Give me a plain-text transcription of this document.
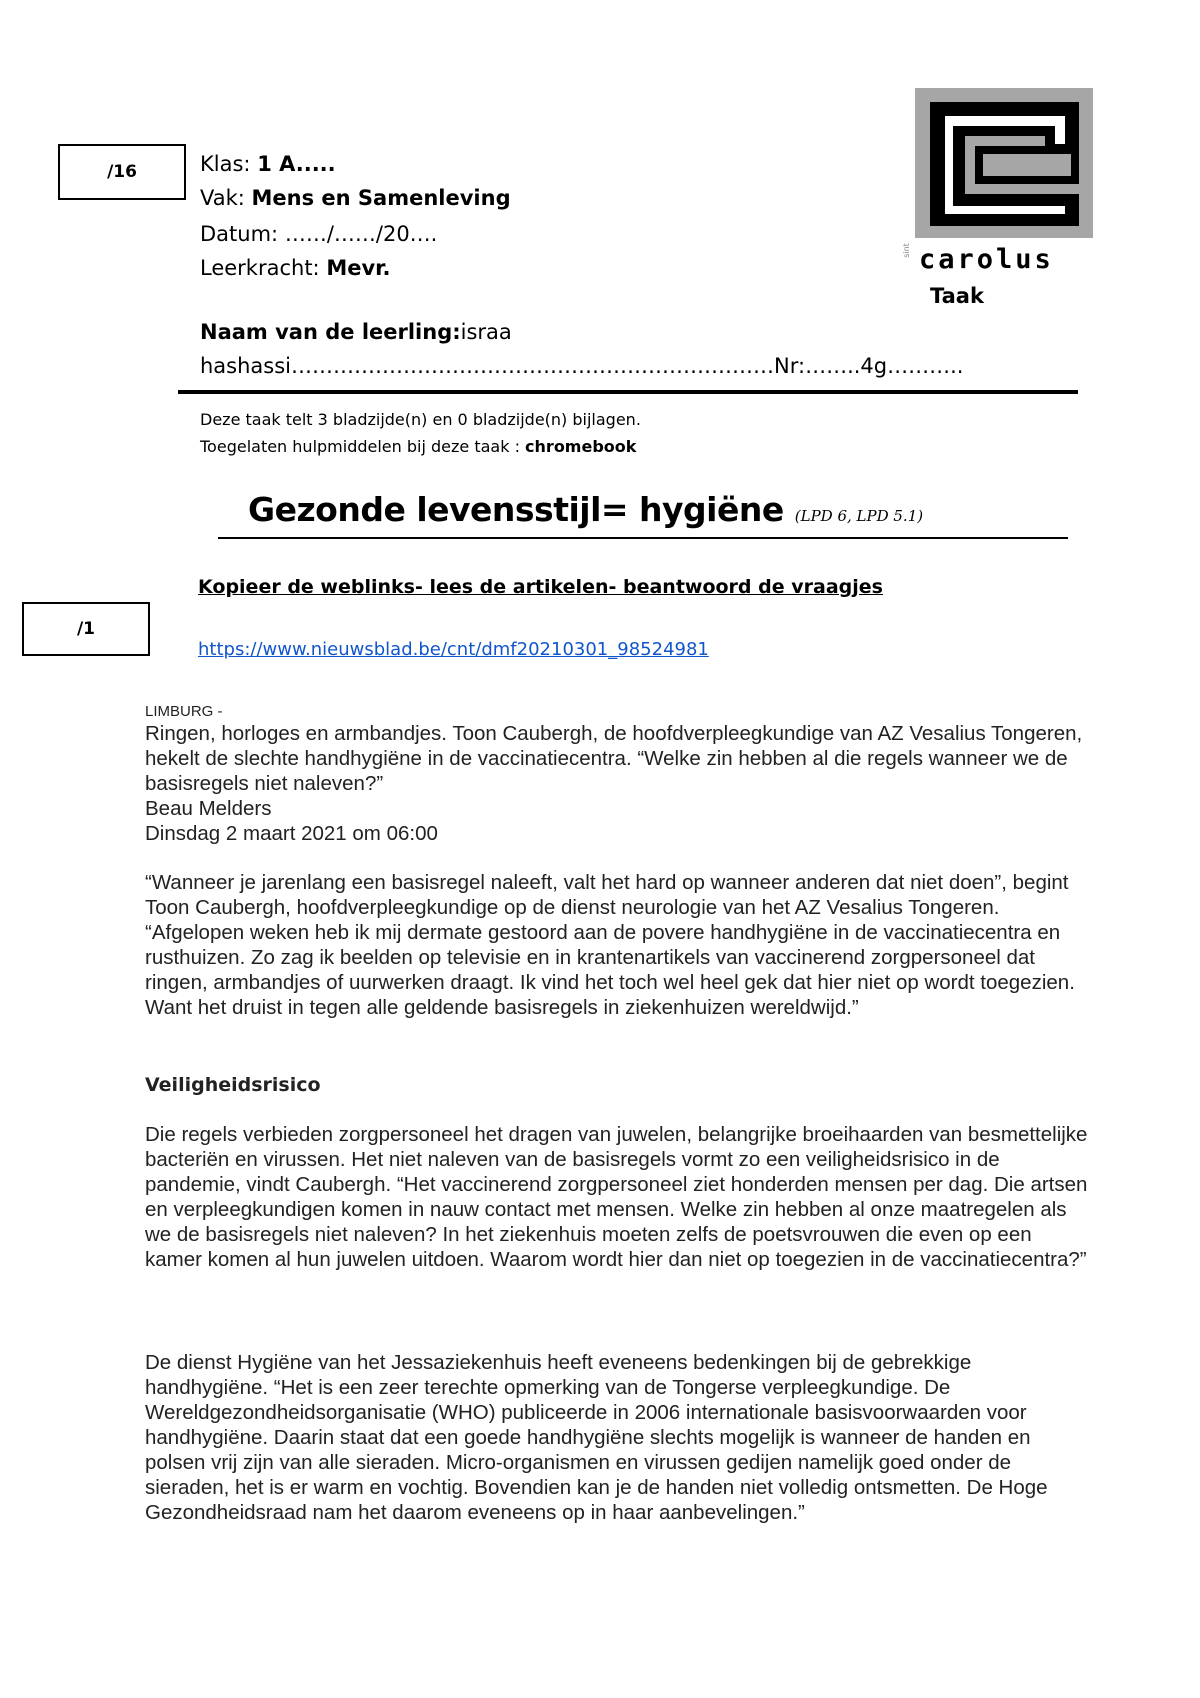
/16
/1
Klas: 1 A.....
Vak: Mens en Samenleving
Datum: ……/……/20….
Leerkracht: Mevr.
Naam van de leerling:israa
hashassi……………………………………………………………Nr:……..4g………..
sint carolus
Taak
Deze taak telt 3 bladzijde(n) en 0 bladzijde(n) bijlagen.
Toegelaten hulpmiddelen bij deze taak : chromebook
Gezonde levensstijl= hygiëne (LPD 6, LPD 5.1)
Kopieer de weblinks- lees de artikelen- beantwoord de vraagjes
https://www.nieuwsblad.be/cnt/dmf20210301_98524981
LIMBURG -

Ringen, horloges en armbandjes. Toon Caubergh, de hoofdverpleegkundige van AZ Vesalius Tongeren, hekelt de slechte handhygiëne in de vaccinatiecentra. “Welke zin hebben al die regels wanneer we de basisregels niet naleven?”

Beau Melders

Dinsdag 2 maart 2021 om 06:00

“Wanneer je jarenlang een basisregel naleeft, valt het hard op wanneer anderen dat niet doen”, begint Toon Caubergh, hoofdverpleegkundige op de dienst neurologie van het AZ Vesalius Tongeren. “Afgelopen weken heb ik mij dermate gestoord aan de povere handhygiëne in de vaccinatiecentra en rusthuizen. Zo zag ik beelden op televisie en in krantenartikels van vaccinerend zorgpersoneel dat ringen, armbandjes of uurwerken draagt. Ik vind het toch wel heel gek dat hier niet op wordt toegezien. Want het druist in tegen alle geldende basisregels in ziekenhuizen wereldwijd.”
Veiligheidsrisico
Die regels verbieden zorgpersoneel het dragen van juwelen, belangrijke broeihaarden van besmettelijke bacteriën en virussen. Het niet naleven van de basisregels vormt zo een veiligheidsrisico in de pandemie, vindt Caubergh. “Het vaccinerend zorgpersoneel ziet honderden mensen per dag. Die artsen en verpleegkundigen komen in nauw contact met mensen. Welke zin hebben al onze maatregelen als we de basisregels niet naleven? In het ziekenhuis moeten zelfs de poetsvrouwen die even op een kamer komen al hun juwelen uitdoen. Waarom wordt hier dan niet op toegezien in de vaccinatiecentra?”
De dienst Hygiëne van het Jessaziekenhuis heeft eveneens bedenkingen bij de gebrekkige handhygiëne. “Het is een zeer terechte opmerking van de Tongerse verpleegkundige. De Wereldgezondheidsorganisatie (WHO) publiceerde in 2006 internationale basisvoorwaarden voor handhygiëne. Daarin staat dat een goede handhygiëne slechts mogelijk is wanneer de handen en polsen vrij zijn van alle sieraden. Micro-organismen en virussen gedijen namelijk goed onder de sieraden, het is er warm en vochtig. Bovendien kan je de handen niet volledig ontsmetten. De Hoge Gezondheidsraad nam het daarom eveneens op in haar aanbevelingen.”
